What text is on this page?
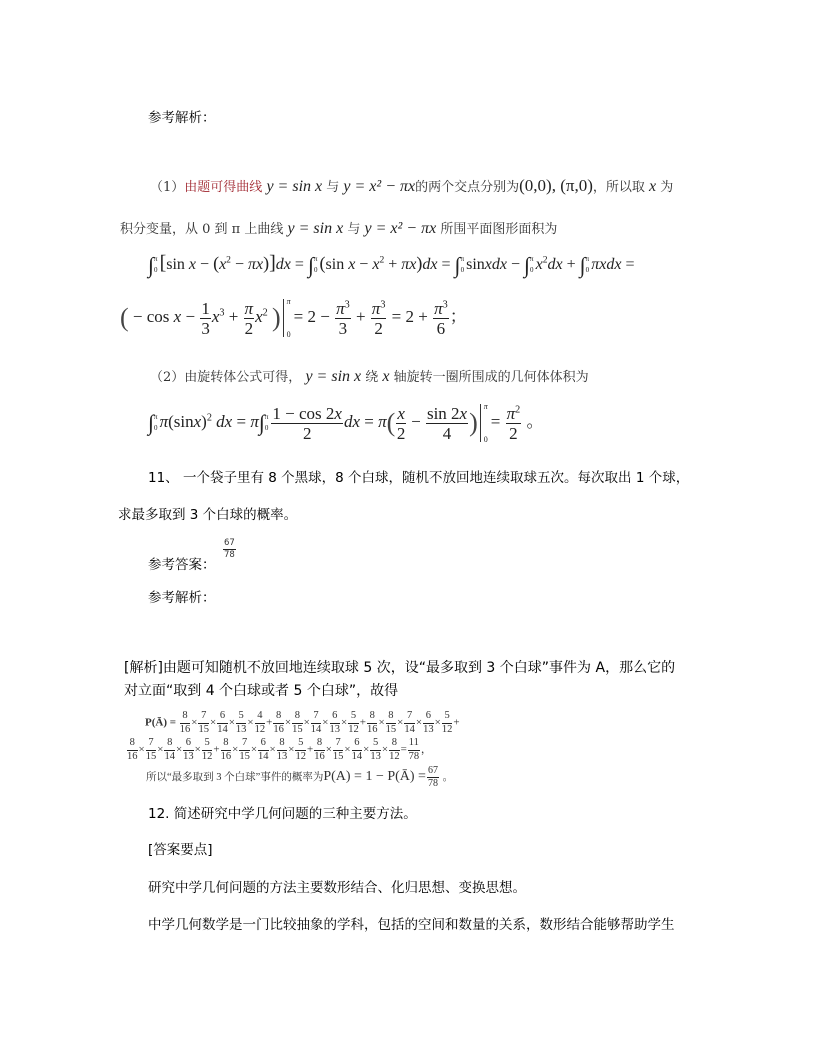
参考解析：
（1）由题可得曲线 y = sin x 与 y = x² − πx的两个交点分别为(0,0), (π,0)，所以取 x 为
积分变量，从 0 到 π 上曲线 y = sin x 与 y = x² − πx 所围平面图形面积为
∫ π
0 [sin $x - (x^2 - \pi x)]dx$ = ∫ π
0 (sin $x - x^2 + \pi x)dx$ = ∫ π
0 sinxdx − ∫ π
0 $x^2dx$ + ∫ π
0 πxdx =
( − $\cos x - \frac{1}{3} x^3 + \frac{\pi}{2} x^2$ )
π
0
= $2 - \frac{\pi^3}{3} + \frac{\pi^3}{2} = 2 + \frac{\pi^3}{6}$ ；
（2）由旋转体公式可得， y = sin x 绕 x 轴旋转一圈所围成的几何体体积为
∫ π
0 $\pi(\sin x)^2$ dx = π∫ π
$0 \frac{1 - \cos 2x}{2}$ dx = $\pi( \frac{x}{2} - \frac{\sin 2x}{4}$ )
π
0
= $\frac{\pi^2}{2}$ 。
11、 一个袋子里有 8 个黑球，8 个白球，随机不放回地连续取球五次。每次取出 1 个球，
求最多取到 3 个白球的概率。
参考答案：
$\frac{67}{78}$
参考解析：
[解析]由题可知随机不放回地连续取球 5 次，设“最多取到 3 个白球”事件为 A，那么它的
对立面“取到 4 个白球或者 5 个白球”，故得
P(Ā) = $\frac{8}{16} \times \frac{7}{15} \times \frac{6}{14} \times \frac{5}{13} \times \frac{4}{12} + \frac{8}{16} \times \frac{8}{15} \times \frac{7}{14} \times \frac{6}{13} \times \frac{5}{12} + \frac{8}{16} \times \frac{8}{15} \times \frac{7}{14} \times \frac{6}{13} \times \frac{5}{12}$ +
$\frac{8}{16} \times \frac{7}{15} \times \frac{8}{14} \times \frac{6}{13} \times \frac{5}{12} + \frac{8}{16} \times \frac{7}{15} \times \frac{6}{14} \times \frac{8}{13} \times \frac{5}{12} + \frac{8}{16} \times \frac{7}{15} \times \frac{6}{14} \times \frac{5}{13} \times \frac{8}{12} = \frac{11}{78}$ ，
所以“最多取到 3 个白球”事件的概率为P(A) = 1 − P(Ā) = $\frac{67}{78}$ 。
12. 简述研究中学几何问题的三种主要方法。
[答案要点]
研究中学几何问题的方法主要数形结合、化归思想、变换思想。
中学几何数学是一门比较抽象的学科，包括的空间和数量的关系，数形结合能够帮助学生
